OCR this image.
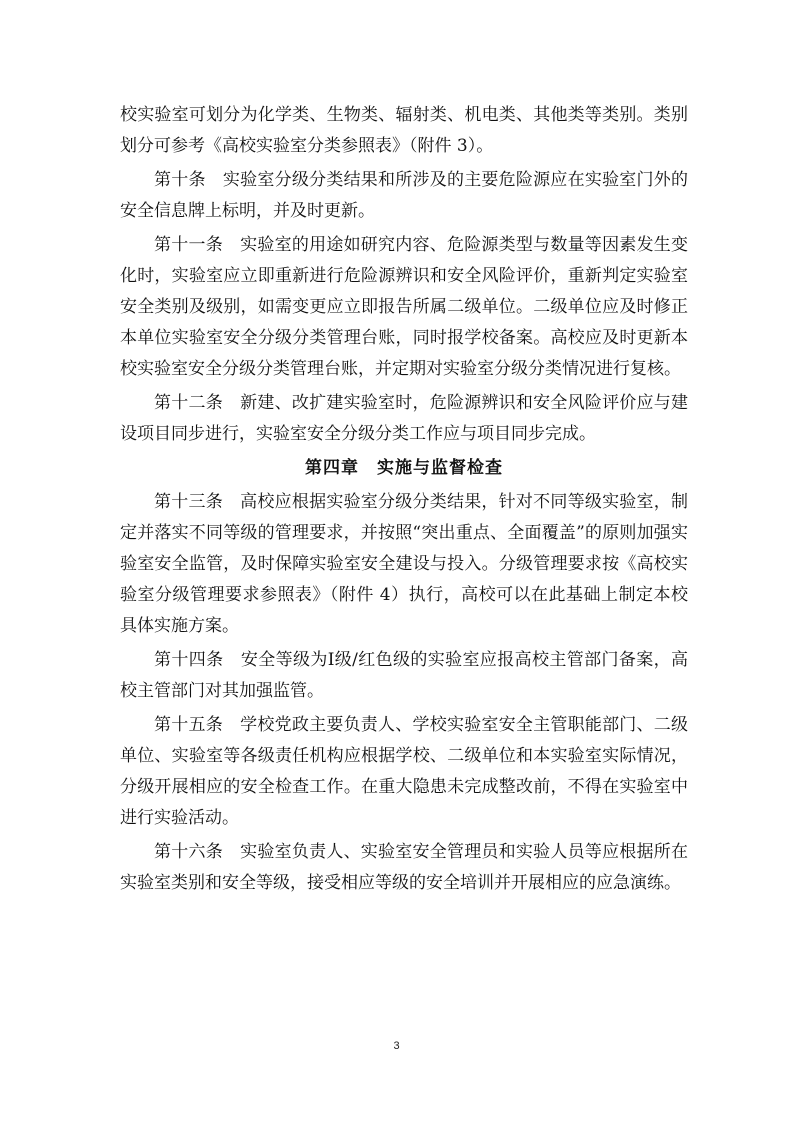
校实验室可划分为化学类、生物类、辐射类、机电类、其他类等类别。类别划分可参考《高校实验室分类参照表》（附件 3）。

第十条　实验室分级分类结果和所涉及的主要危险源应在实验室门外的安全信息牌上标明，并及时更新。

第十一条　实验室的用途如研究内容、危险源类型与数量等因素发生变化时，实验室应立即重新进行危险源辨识和安全风险评价，重新判定实验室安全类别及级别，如需变更应立即报告所属二级单位。二级单位应及时修正本单位实验室安全分级分类管理台账，同时报学校备案。高校应及时更新本校实验室安全分级分类管理台账，并定期对实验室分级分类情况进行复核。

第十二条　新建、改扩建实验室时，危险源辨识和安全风险评价应与建设项目同步进行，实验室安全分级分类工作应与项目同步完成。

第四章　实施与监督检查

第十三条　高校应根据实验室分级分类结果，针对不同等级实验室，制定并落实不同等级的管理要求，并按照“突出重点、全面覆盖”的原则加强实验室安全监管，及时保障实验室安全建设与投入。分级管理要求按《高校实验室分级管理要求参照表》（附件 4）执行，高校可以在此基础上制定本校具体实施方案。

第十四条　安全等级为Ⅰ级/红色级的实验室应报高校主管部门备案，高校主管部门对其加强监管。

第十五条　学校党政主要负责人、学校实验室安全主管职能部门、二级单位、实验室等各级责任机构应根据学校、二级单位和本实验室实际情况，分级开展相应的安全检查工作。在重大隐患未完成整改前，不得在实验室中进行实验活动。

第十六条　实验室负责人、实验室安全管理员和实验人员等应根据所在实验室类别和安全等级，接受相应等级的安全培训并开展相应的应急演练。

3
